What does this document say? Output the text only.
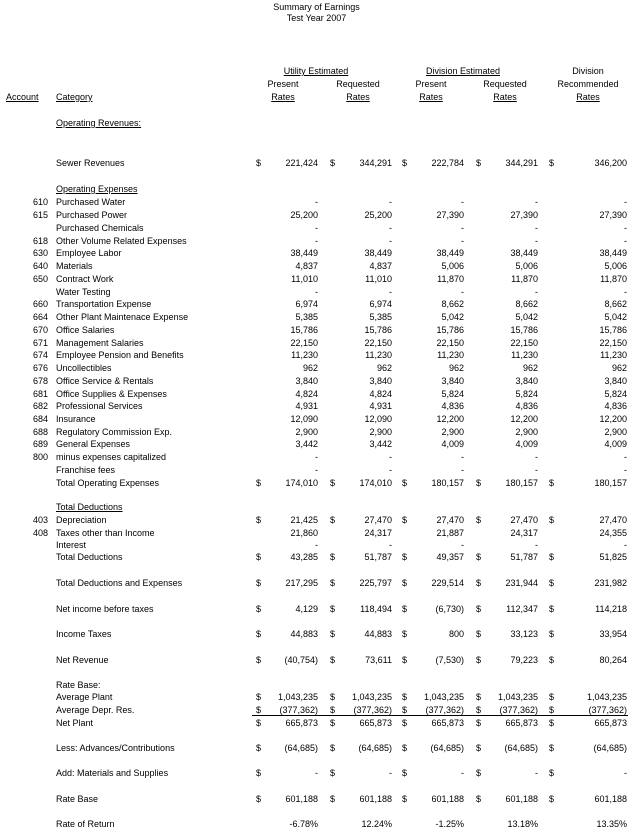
Summary of Earnings
Test Year 2007
Utility Estimated	Division Estimated	Division
Present	Requested	Present	Requested	Recommended
Account Category	Rates	Rates	Rates	Rates	Rates
Operating Revenues:
Sewer Revenues	$	221,424 $	344,291 $	222,784 $	344,291 $	346,200
Operating Expenses
610 Purchased Water	-	-	-	-	-
615 Purchased Power	25,200	25,200	27,390	27,390	27,390
Purchased Chemicals	-	-	-	-	-
618 Other Volume Related Expenses	-	-	-	-	-
630 Employee Labor	38,449	38,449	38,449	38,449	38,449
640 Materials	4,837	4,837	5,006	5,006	5,006
650 Contract Work	11,010	11,010	11,870	11,870	11,870
Water Testing	-	-	-	-	-
660 Transportation Expense	6,974	6,974	8,662	8,662	8,662
664 Other Plant Maintenace Expense	5,385	5,385	5,042	5,042	5,042
670 Office Salaries	15,786	15,786	15,786	15,786	15,786
671 Management Salaries	22,150	22,150	22,150	22,150	22,150
674 Employee Pension and Benefits	11,230	11,230	11,230	11,230	11,230
676 Uncollectibles	962	962	962	962	962
678 Office Service & Rentals	3,840	3,840	3,840	3,840	3,840
681 Office Supplies & Expenses	4,824	4,824	5,824	5,824	5,824
682 Professional Services	4,931	4,931	4,836	4,836	4,836
684 Insurance	12,090	12,090	12,200	12,200	12,200
688 Regulatory Commission Exp.	2,900	2,900	2,900	2,900	2,900
689 General Expenses	3,442	3,442	4,009	4,009	4,009
800 minus expenses capitalized	-	-	-	-	-
Franchise fees	-	-	-	-	-
Total Operating Expenses	$	174,010 $	174,010 $	180,157 $	180,157 $	180,157
Total Deductions
403 Depreciation	$	21,425 $	27,470 $	27,470 $	27,470 $	27,470
408 Taxes other than Income	21,860	24,317	21,887	24,317	24,355
Interest	-	-	-	-	-
Total Deductions	$	43,285 $	51,787 $	49,357 $	51,787 $	51,825
Total Deductions and Expenses	$	217,295 $	225,797 $	229,514 $	231,944 $	231,982
Net income before taxes	$	4,129 $	118,494 $	(6,730) $	112,347 $	114,218
Income Taxes	$	44,883 $	44,883 $	800 $	33,123 $	33,954
Net Revenue	$	(40,754) $	73,611 $	(7,530) $	79,223 $	80,264
Rate Base:
Average Plant	$	1,043,235 $	1,043,235 $	1,043,235 $	1,043,235 $	1,043,235
Average Depr. Res.	$	(377,362) $	(377,362) $	(377,362) $	(377,362) $	(377,362)
Net Plant	$	665,873 $	665,873 $	665,873 $	665,873 $	665,873
Less: Advances/Contributions	$	(64,685) $	(64,685) $	(64,685) $	(64,685) $	(64,685)
Add: Materials and Supplies	$	- $	- $	- $	- $	-
Rate Base	$	601,188 $	601,188 $	601,188 $	601,188 $	601,188
Rate of Return	-6.78%	12.24%	-1.25%	13.18%	13.35%
